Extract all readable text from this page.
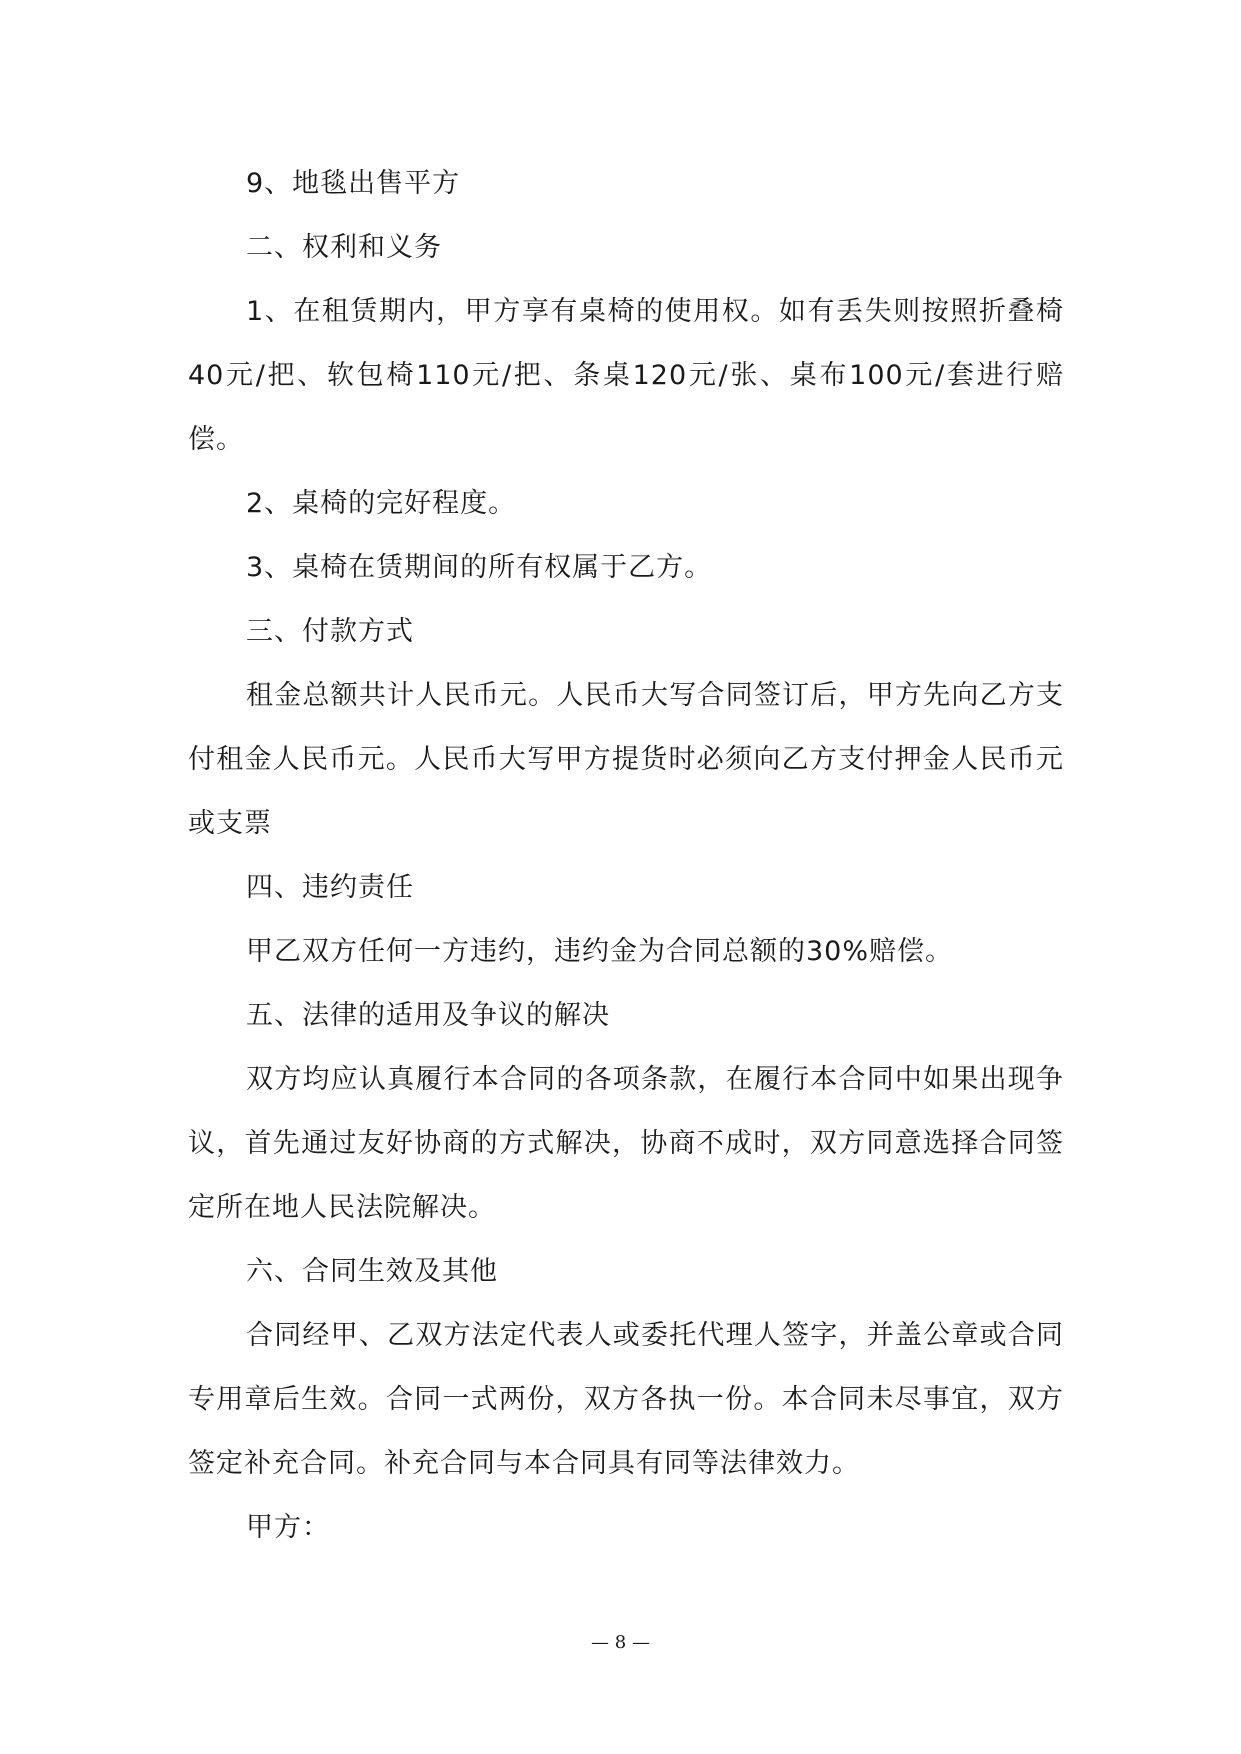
9、地毯出售平方

二、权利和义务

1、在租赁期内，甲方享有桌椅的使用权。如有丢失则按照折叠椅40元/把、软包椅110元/把、条桌120元/张、桌布100元/套进行赔偿。

2、桌椅的完好程度。

3、桌椅在赁期间的所有权属于乙方。

三、付款方式

租金总额共计人民币元。人民币大写合同签订后，甲方先向乙方支付租金人民币元。人民币大写甲方提货时必须向乙方支付押金人民币元或支票

四、违约责任

甲乙双方任何一方违约，违约金为合同总额的30%赔偿。

五、法律的适用及争议的解决

双方均应认真履行本合同的各项条款，在履行本合同中如果出现争议，首先通过友好协商的方式解决，协商不成时，双方同意选择合同签定所在地人民法院解决。

六、合同生效及其他

合同经甲、乙双方法定代表人或委托代理人签字，并盖公章或合同专用章后生效。合同一式两份，双方各执一份。本合同未尽事宜，双方签定补充合同。补充合同与本合同具有同等法律效力。

甲方：

— 8 —
